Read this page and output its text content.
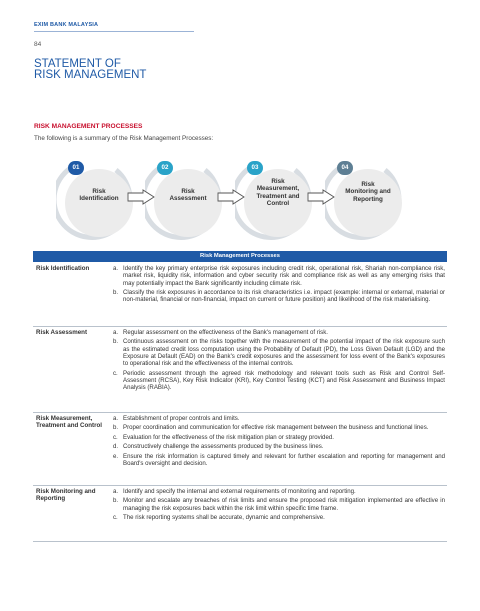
EXIM BANK MALAYSIA
84
STATEMENT OF
RISK MANAGEMENT
RISK MANAGEMENT PROCESSES
The following is a summary of the Risk Management Processes:
01
Risk
Identification
02
Risk
Assessment
03
Risk
Measurement,
Treatment and
Control
04
Risk
Monitoring and
Reporting
Risk Management Processes
Risk Identification	a. Identify the key primary enterprise risk exposures including credit risk, operational risk, Shariah non-compliance risk, market risk, liquidity risk, information and cyber security risk and compliance risk as well as any emerging risks that may potentially impact the Bank significantly including climate risk.
b. Classify the risk exposures in accordance to its risk characteristics i.e. impact (example: internal or external, material or non-material, financial or non-financial, impact on current or future position) and likelihood of the risk materialising.
Risk Assessment	a. Regular assessment on the effectiveness of the Bank's management of risk.
b. Continuous assessment on the risks together with the measurement of the potential impact of the risk exposure such as the estimated credit loss computation using the Probability of Default (PD), the Loss Given Default (LGD) and the Exposure at Default (EAD) on the Bank's credit exposures and the assessment for loss event of the Bank's exposures to operational risk and the effectiveness of the internal controls.
c. Periodic assessment through the agreed risk methodology and relevant tools such as Risk and Control Self-Assessment (RCSA), Key Risk Indicator (KRI), Key Control Testing (KCT) and Risk Assessment and Business Impact Analysis (RABIA).
Risk Measurement, Treatment and Control
a. Establishment of proper controls and limits.
b. Proper coordination and communication for effective risk management between the business and functional lines.
c. Evaluation for the effectiveness of the risk mitigation plan or strategy provided.
d. Constructively challenge the assessments produced by the business lines.
e. Ensure the risk information is captured timely and relevant for further escalation and reporting for management and Board's oversight and decision.
Risk Monitoring and Reporting
a. Identify and specify the internal and external requirements of monitoring and reporting.
b. Monitor and escalate any breaches of risk limits and ensure the proposed risk mitigation implemented are effective in managing the risk exposures back within the risk limit within specific time frame.
c. The risk reporting systems shall be accurate, dynamic and comprehensive.
